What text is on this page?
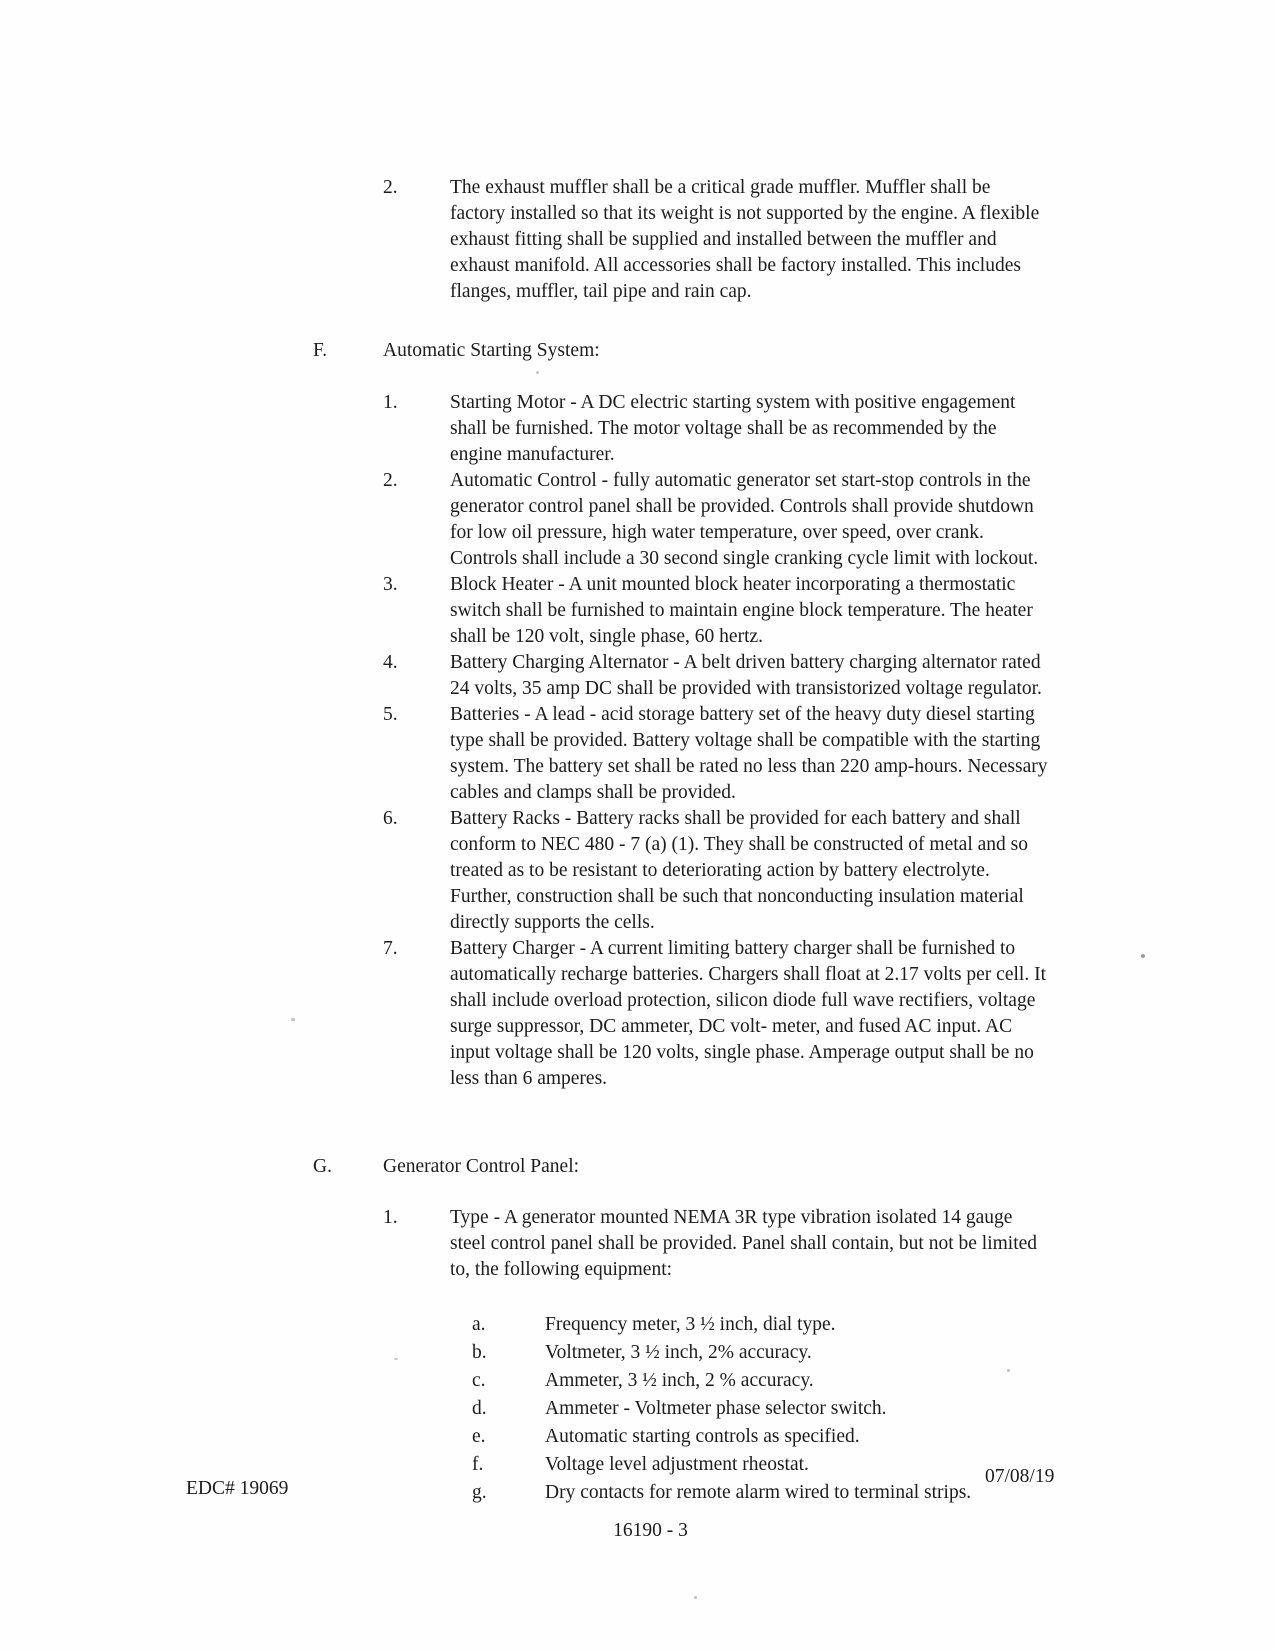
2.	The exhaust muffler shall be a critical grade muffler. Muffler shall be factory installed so that its weight is not supported by the engine. A flexible exhaust fitting shall be supplied and installed between the muffler and exhaust manifold. All accessories shall be factory installed. This includes flanges, muffler, tail pipe and rain cap.
F.	Automatic Starting System:
1.	Starting Motor - A DC electric starting system with positive engagement shall be furnished. The motor voltage shall be as recommended by the engine manufacturer.
2.	Automatic Control - fully automatic generator set start-stop controls in the generator control panel shall be provided. Controls shall provide shutdown for low oil pressure, high water temperature, over speed, over crank. Controls shall include a 30 second single cranking cycle limit with lockout.
3.	Block Heater - A unit mounted block heater incorporating a thermostatic switch shall be furnished to maintain engine block temperature. The heater shall be 120 volt, single phase, 60 hertz.
4.	Battery Charging Alternator - A belt driven battery charging alternator rated 24 volts, 35 amp DC shall be provided with transistorized voltage regulator.
5.	Batteries - A lead - acid storage battery set of the heavy duty diesel starting type shall be provided. Battery voltage shall be compatible with the starting system. The battery set shall be rated no less than 220 amp-hours. Necessary cables and clamps shall be provided.
6.	Battery Racks - Battery racks shall be provided for each battery and shall conform to NEC 480 - 7 (a) (1). They shall be constructed of metal and so treated as to be resistant to deteriorating action by battery electrolyte. Further, construction shall be such that nonconducting insulation material directly supports the cells.
7.	Battery Charger - A current limiting battery charger shall be furnished to automatically recharge batteries. Chargers shall float at 2.17 volts per cell. It shall include overload protection, silicon diode full wave rectifiers, voltage surge suppressor, DC ammeter, DC volt- meter, and fused AC input. AC input voltage shall be 120 volts, single phase. Amperage output shall be no less than 6 amperes.
G.	Generator Control Panel:
1.	Type - A generator mounted NEMA 3R type vibration isolated 14 gauge steel control panel shall be provided. Panel shall contain, but not be limited to, the following equipment:
a.	Frequency meter, 3 ½ inch, dial type.
b.	Voltmeter, 3 ½ inch, 2% accuracy.
c.	Ammeter, 3 ½ inch, 2 % accuracy.
d.	Ammeter - Voltmeter phase selector switch.
e.	Automatic starting controls as specified.
f.	Voltage level adjustment rheostat.
g.	Dry contacts for remote alarm wired to terminal strips.
EDC# 19069
07/08/19
16190 - 3
